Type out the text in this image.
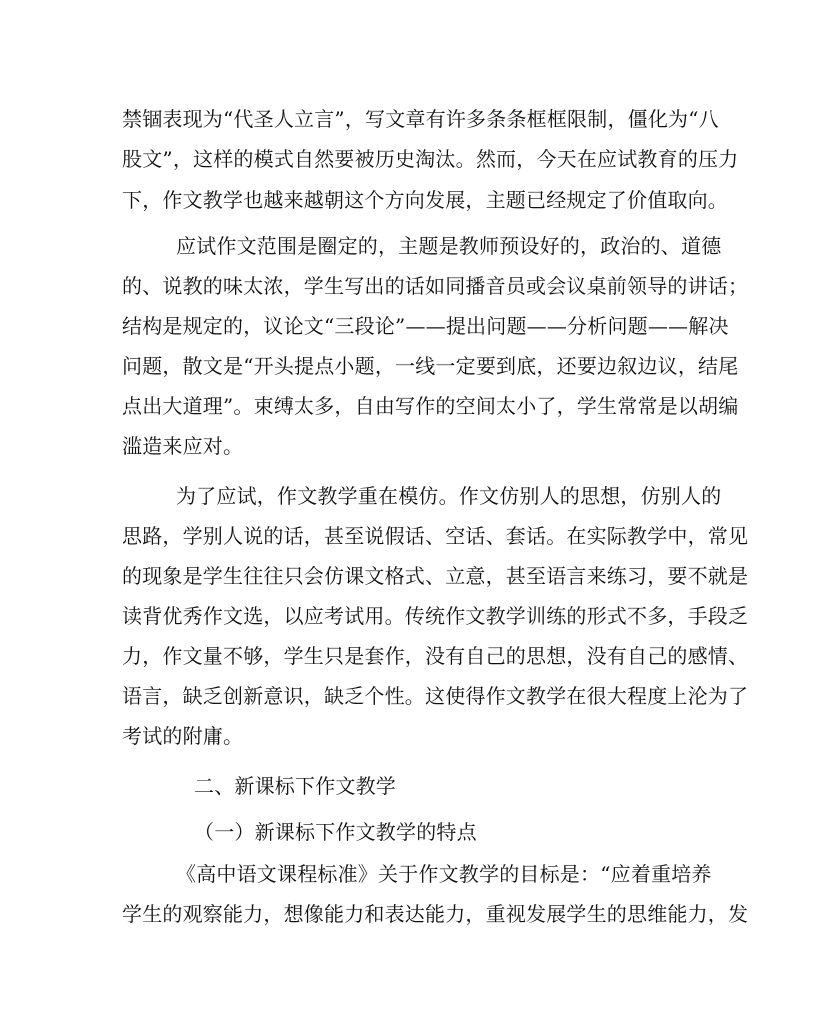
禁锢表现为“代圣人立言”，写文章有许多条条框框限制，僵化为“八
股文”，这样的模式自然要被历史淘汰。然而，今天在应试教育的压力
下，作文教学也越来越朝这个方向发展，主题已经规定了价值取向。
应试作文范围是圈定的，主题是教师预设好的，政治的、道德
的、说教的味太浓，学生写出的话如同播音员或会议桌前领导的讲话；
结构是规定的，议论文“三段论”——提出问题——分析问题——解决
问题，散文是“开头提点小题，一线一定要到底，还要边叙边议，结尾
点出大道理”。束缚太多，自由写作的空间太小了，学生常常是以胡编
滥造来应对。
为了应试，作文教学重在模仿。作文仿别人的思想，仿别人的
思路，学别人说的话，甚至说假话、空话、套话。在实际教学中，常见
的现象是学生往往只会仿课文格式、立意，甚至语言来练习，要不就是
读背优秀作文选，以应考试用。传统作文教学训练的形式不多，手段乏
力，作文量不够，学生只是套作，没有自己的思想，没有自己的感情、
语言，缺乏创新意识，缺乏个性。这使得作文教学在很大程度上沦为了
考试的附庸。
二、新课标下作文教学
（一）新课标下作文教学的特点
《高中语文课程标准》关于作文教学的目标是：“应着重培养
学生的观察能力，想像能力和表达能力，重视发展学生的思维能力，发
